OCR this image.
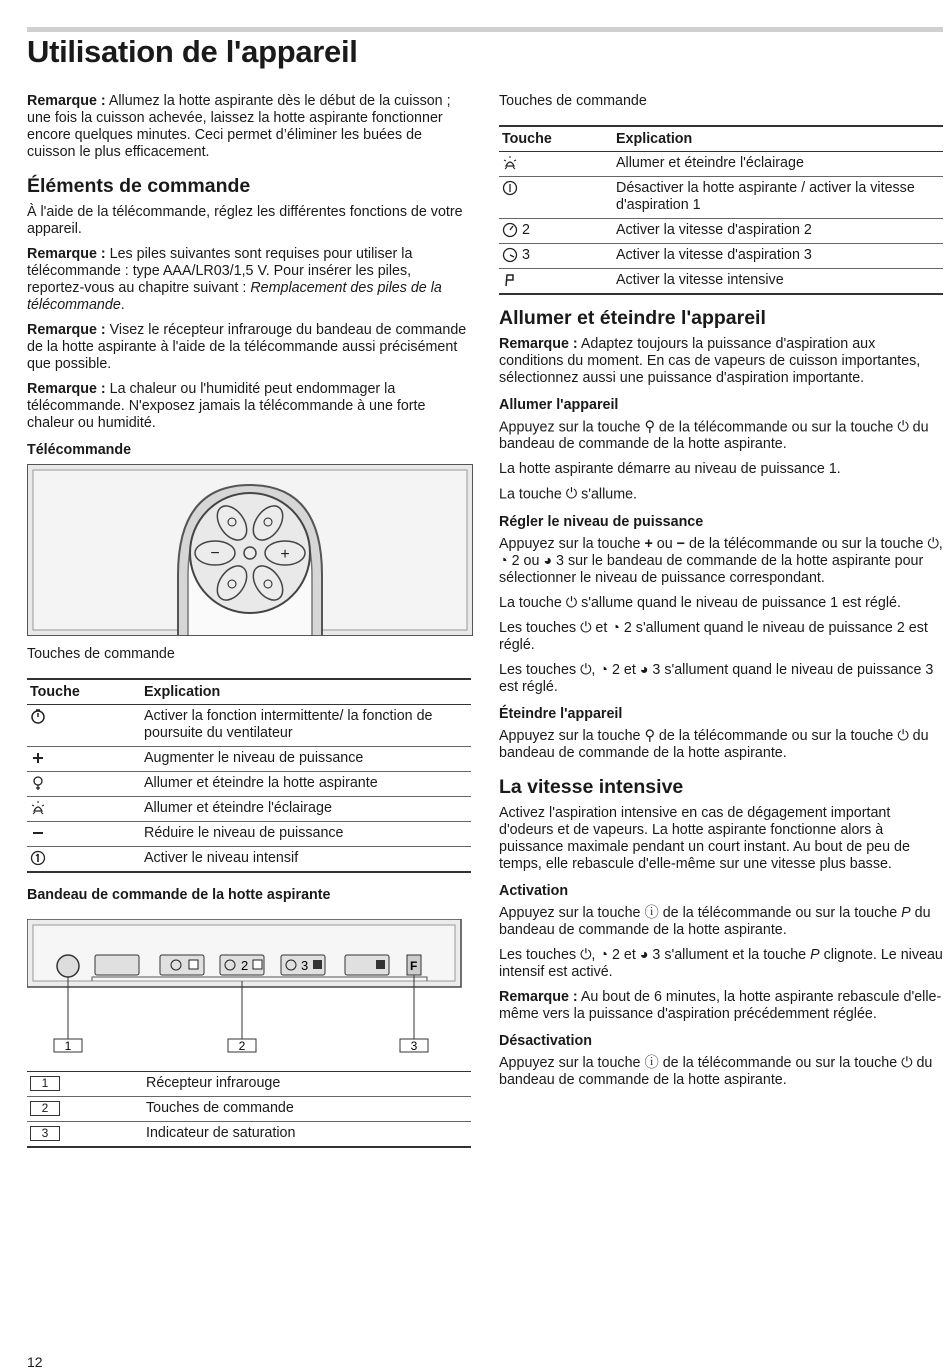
Utilisation de l'appareil

Remarque : Allumez la hotte aspirante dès le début de la cuisson ; une fois la cuisson achevée, laissez la hotte aspirante fonctionner encore quelques minutes. Ceci permet d’éliminer les buées de cuisson le plus efficacement.

Éléments de commande

À l'aide de la télécommande, réglez les différentes fonctions de votre appareil.

Remarque : Les piles suivantes sont requises pour utiliser la télécommande : type AAA/LR03/1,5 V. Pour insérer les piles, reportez-vous au chapitre suivant : Remplacement des piles de la télécommande.

Remarque : Visez le récepteur infrarouge du bandeau de commande de la hotte aspirante à l'aide de la télécommande aussi précisément que possible.

Remarque : La chaleur ou l'humidité peut endommager la télécommande. N'exposez jamais la télécommande à une forte chaleur ou humidité.

Télécommande
−	+
Touches de commande
Touche	Explication
	Activer la fonction intermittente/ la fonction de poursuite du ventilateur
	Augmenter le niveau de puissance
	Allumer et éteindre la hotte aspirante
	Allumer et éteindre l'éclairage
	Réduire le niveau de puissance
	Activer le niveau intensif
Bandeau de commande de la hotte aspirante
2	3	F
1	2	3
1	Récepteur infrarouge
2	Touches de commande
3	Indicateur de saturation
Touches de commande
Touche	Explication
	Allumer et éteindre l'éclairage
	Désactiver la hotte aspirante / activer la vitesse d'aspiration 1
2	Activer la vitesse d'aspiration 2
3	Activer la vitesse d'aspiration 3
	Activer la vitesse intensive
Allumer et éteindre l'appareil

Remarque : Adaptez toujours la puissance d'aspiration aux conditions du moment. En cas de vapeurs de cuisson importantes, sélectionnez aussi une puissance d'aspiration importante.

Allumer l'appareil

Appuyez sur la touche ⚲ de la télécommande ou sur la touche ⏻ du bandeau de commande de la hotte aspirante.

La hotte aspirante démarre au niveau de puissance 1.

La touche ⏻ s'allume.

Régler le niveau de puissance

Appuyez sur la touche + ou − de la télécommande ou sur la touche ⏻, ◔ 2 ou ◕ 3 sur le bandeau de commande de la hotte aspirante pour sélectionner le niveau de puissance correspondant.

La touche ⏻ s'allume quand le niveau de puissance 1 est réglé.

Les touches ⏻ et ◔ 2 s'allument quand le niveau de puissance 2 est réglé.

Les touches ⏻, ◔ 2 et ◕ 3 s'allument quand le niveau de puissance 3 est réglé.

Éteindre l'appareil

Appuyez sur la touche ⚲ de la télécommande ou sur la touche ⏻ du bandeau de commande de la hotte aspirante.

La vitesse intensive

Activez l'aspiration intensive en cas de dégagement important d'odeurs et de vapeurs. La hotte aspirante fonctionne alors à puissance maximale pendant un court instant. Au bout de peu de temps, elle rebascule d'elle-même sur une vitesse plus basse.

Activation

Appuyez sur la touche ⓘ de la télécommande ou sur la touche P du bandeau de commande de la hotte aspirante.

Les touches ⏻, ◔ 2 et ◕ 3 s'allument et la touche P clignote. Le niveau intensif est activé.

Remarque : Au bout de 6 minutes, la hotte aspirante rebascule d'elle-même vers la puissance d'aspiration précédemment réglée.

Désactivation

Appuyez sur la touche ⓘ de la télécommande ou sur la touche ⏻ du bandeau de commande de la hotte aspirante.

12
